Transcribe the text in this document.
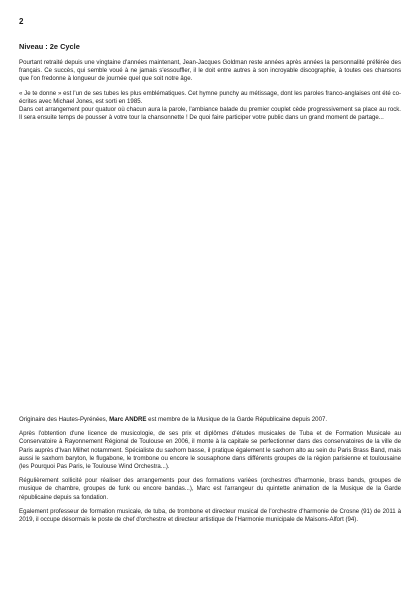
2
Niveau : 2e Cycle

Pourtant retraité depuis une vingtaine d'années maintenant, Jean-Jacques Goldman reste années après années la personnalité préférée des français. Ce succès, qui semble voué à ne jamais s'essouffler, il le doit entre autres à son incroyable discographie, à toutes ces chansons que l'on fredonne à longueur de journée quel que soit notre âge.

« Je te donne » est l'un de ses tubes les plus emblématiques. Cet hymne punchy au métissage, dont les paroles franco-anglaises ont été co-écrites avec Michael Jones, est sorti en 1985.
Dans cet arrangement pour quatuor où chacun aura la parole, l'ambiance balade du premier couplet cède progressivement sa place au rock. Il sera ensuite temps de pousser à votre tour la chansonnette ! De quoi faire participer votre public dans un grand moment de partage...

Originaire des Hautes-Pyrénées, Marc ANDRE est membre de la Musique de la Garde Républicaine depuis 2007.

Après l'obtention d'une licence de musicologie, de ses prix et diplômes d'études musicales de Tuba et de Formation Musicale au Conservatoire à Rayonnement Régional de Toulouse en 2006, il monte à la capitale se perfectionner dans des conservatoires de la ville de Paris auprès d'Ivan Milhet notamment. Spécialiste du saxhorn basse, il pratique également le saxhorn alto au sein du Paris Brass Band, mais aussi le saxhorn baryton, le flugabone, le trombone ou encore le sousaphone dans différents groupes de la région parisienne et toulousaine (les Pourquoi Pas Paris, le Toulouse Wind Orchestra...).

Régulièrement sollicité pour réaliser des arrangements pour des formations variées (orchestres d'harmonie, brass bands, groupes de musique de chambre, groupes de funk ou encore bandas...), Marc est l'arrangeur du quintette animation de la Musique de la Garde républicaine depuis sa fondation.

Egalement professeur de formation musicale, de tuba, de trombone et directeur musical de l'orchestre d'harmonie de Crosne (91) de 2011 à 2019, il occupe désormais le poste de chef d'orchestre et directeur artistique de l'Harmonie municipale de Maisons-Alfort (94).
